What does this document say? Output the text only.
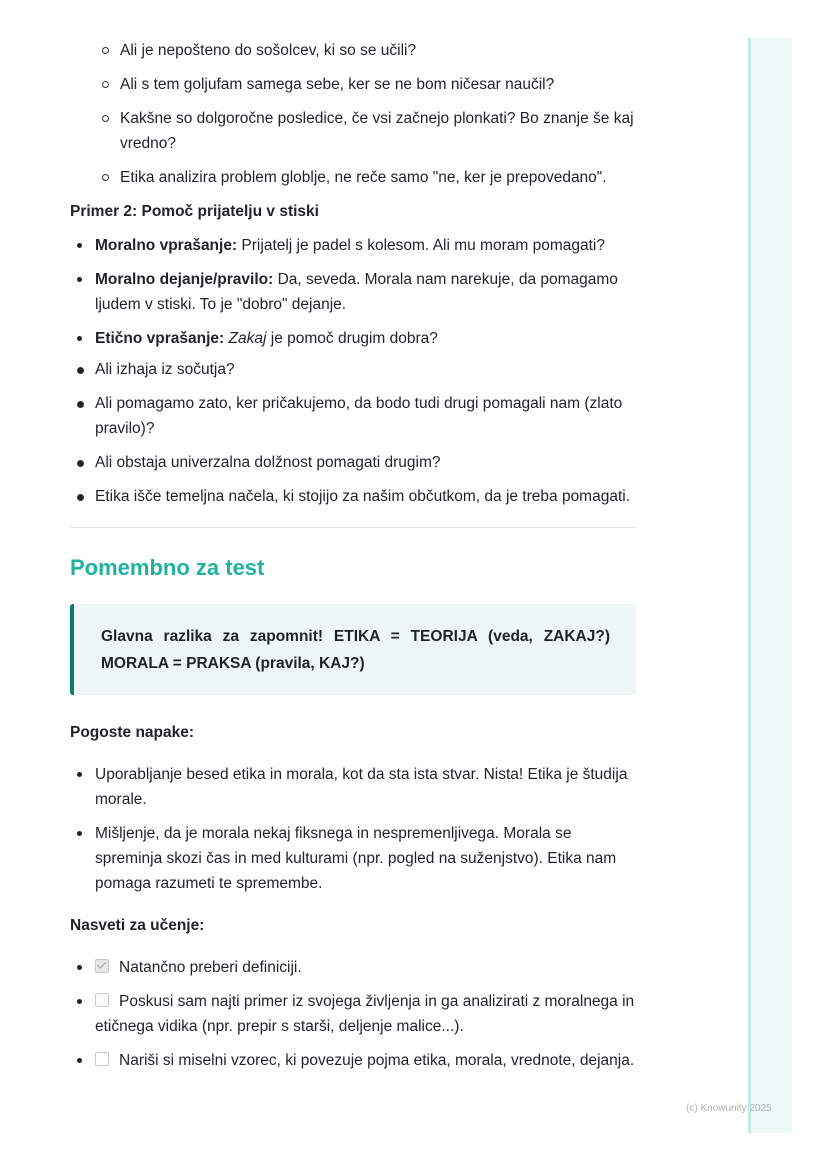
(c) Knowunity 2025
Ali je nepošteno do sošolcev, ki so se učili?
Ali s tem goljufam samega sebe, ker se ne bom ničesar naučil?
Kakšne so dolgoročne posledice, če vsi začnejo plonkati? Bo znanje še kaj vredno?
Etika analizira problem globlje, ne reče samo "ne, ker je prepovedano".
Primer 2: Pomoč prijatelju v stiski
Moralno vprašanje: Prijatelj je padel s kolesom. Ali mu moram pomagati?
Moralno dejanje/pravilo: Da, seveda. Morala nam narekuje, da pomagamo ljudem v stiski. To je "dobro" dejanje.
Etično vprašanje: Zakaj je pomoč drugim dobra?
Ali izhaja iz sočutja?
Ali pomagamo zato, ker pričakujemo, da bodo tudi drugi pomagali nam (zlato pravilo)?
Ali obstaja univerzalna dolžnost pomagati drugim?
Etika išče temeljna načela, ki stojijo za našim občutkom, da je treba pomagati.
Pomembno za test
Glavna razlika za zapomnit! ETIKA = TEORIJA (veda, ZAKAJ?) MORALA = PRAKSA (pravila, KAJ?)
Pogoste napake:
Uporabljanje besed etika in morala, kot da sta ista stvar. Nista! Etika je študija morale.
Mišljenje, da je morala nekaj fiksnega in nespremenljivega. Morala se spreminja skozi čas in med kulturami (npr. pogled na suženjstvo). Etika nam pomaga razumeti te spremembe.
Nasveti za učenje:
Natančno preberi definiciji.
Poskusi sam najti primer iz svojega življenja in ga analizirati z moralnega in etičnega vidika (npr. prepir s starši, deljenje malice...).
Nariši si miselni vzorec, ki povezuje pojma etika, morala, vrednote, dejanja.
